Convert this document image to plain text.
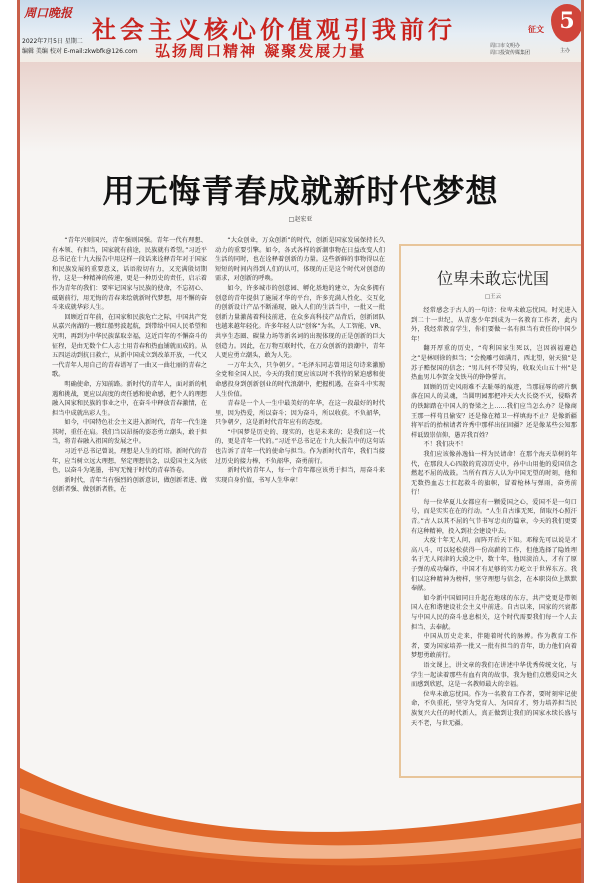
周口晚报
社会主义核心价值观引我前行	征文
弘扬周口精神 凝聚发展力量
2022年7月5日 星期二
编辑 美编 校对 E-mail:zkwbfk@126.com
周口市文明办
周口投资传媒集团	主办
5
用无悔青春成就新时代梦想
□赵宏亚

“青年兴则国兴，青年强则国强。青年一代有理想、有本领、有担当，国家就有前途，民族就有希望。”习近平总书记在十九大报告中用这样一段话来诠释青年对于国家和民族发展的重要意义，话语殷切有力，又充满殷切期待，这是一种精神的传递，更是一种历史的责任，启示着作为青年的我们：要牢记国家与民族的使命，不忘初心、砥砺前行，用无悔的青春来绘就新时代梦想，用不懈的奋斗来成就华彩人生。

回顾近百年前，在国家和民族危亡之际，中国共产党从嘉兴南湖的一艘红船劈波起航，到带给中国人民希望和光明，再到为中华民族谋取幸福，这近百年的不懈奋斗的征程，是由无数个仁人志士用青春和热血铺就而成的。从五四运动到抗日救亡，从新中国成立到改革开放，一代又一代青年人用自己的青春谱写了一曲又一曲壮丽的青春之歌。

明确使命，方知前路。新时代的青年人，面对新的机遇和挑战，更应以高度的责任感和使命感，把个人的理想融入国家和民族的事业之中，在奋斗中释放青春激情，在担当中成就出彩人生。

如今，中国特色社会主义进入新时代，青年一代生逢其时，重任在肩。我们当以昂扬的姿态勇立潮头，敢于担当，将青春融入祖国的发展之中。

习近平总书记曾说，理想是人生的灯塔。新时代的青年，应当树立远大理想，坚定理想信念，以爱国主义为底色，以奋斗为笔墨，书写无愧于时代的青春答卷。

新时代，青年当有强烈的创新意识，做创新者进、做创新者强、做创新者胜，在

“大众创业，万众创新”的时代，创新是国家发展保持长久动力的重要引擎。如今，各式各样的新潮事物在日益改变人们生活的同时，也在诠释着创新的力量。这些新鲜的事物得以在短短的时间内得到人们的认可，体现的正是这个时代对创意的需求，对创新的呼唤。

如今，许多城市的创意园、孵化基地的建立，为众多拥有创意的青年提供了施展才华的平台，许多充满人性化、交互化的创新设计产品不断涌现，融入人们的生活当中，一批又一批创新力量激荡着科技前进，在众多高科技产品背后，创新团队也越来越年轻化。许多年轻人以“创客”为名，人工智能、VR、共享生态圈、碳量力场等新名词的出现体现的正是创新的巨大创造力。因此，在万物互联时代，在万众创新的浪潮中，青年人更应勇立潮头，敢为人先。

一万年太久，只争朝夕。“毛泽东同志曾用这句诗来激励全党和全国人民，今天的我们更应该以时不我待的紧迫感和使命感投身到创新创业的时代浪潮中，把握机遇，在奋斗中实现人生价值。

青春是一个人一生中最美好的年华，在这一段最好的时代里，因为热爱，所以奋斗；因为奋斗，所以收获。不负韶华，只争朝夕，这是新时代青年应有的态度。

“中国梦是历史的、现实的，也是未来的；是我们这一代的，更是青年一代的。”习近平总书记在十九大报告中的这句话也告诉了青年一代的使命与担当。作为新时代青年，我们当接过历史的接力棒，不负韶华，奋勇前行。

新时代的青年人，每一个青年都应该勇于担当，用奋斗来实现自身价值，书写人生华章！

位卑未敢忘忧国
□王云

经常感念于古人的一句诗：位卑未敢忘忧国。时光进入到二十一世纪，从青葱少年到成为一名教育工作者，此内外，我经常教育学生，你们要做一名有担当有责任的中国少年！

翻开厚重的历史，“苟利国家生死以，岂因祸福避趋之”是林则徐的担当；“会挽雕弓如满月，西北望，射天狼”是苏子赡保国的信念；“男儿何不带吴钩，收取关山五十州”是热血男儿李贺金戈铁马的铮铮誓言。

回顾的历史风雨难不去耻辱的痕迹，当那屈辱的碎片飘落在国人的灵魂，当圆明园那把冲天大火长烧不灭，侵略者的铁蹄踏在中国人的脊梁之上……我们应当怎么办？是像商王那一样苟且偷安？还是像在精卫一样填海不止？是像新疆将军后的抬棺请者许秀中那样出征固疆？还是像某些公知那样诋毁崇信仰，愚弄我百姓？

不！我们决不！

我们应该像孙逸仙一样为民请命！在那个海天草树的年代，在那段人心四散的荒凉历史中，孙中山用他的爱国信念燃起不屈的战鼓。当所有西方人认为中国无望的时刻，他和无数热血志士扛起救斗的旗帜，冒着枪林与弹雨，奋勇前行！

每一位华夏儿女都应有一颗爱国之心，爱国不是一句口号，而是实实在在的行动。“人生自古谁无死，留取丹心照汗青。”古人以其不屈的气节书写忠贞的篇章，今天的我们更要有这种精神，投入到社会建设中去。

大疫十年无人问，而阵开后天下知。邓稼先可以说是才高八斗，可以轻松获得一份高薪的工作，但他选择了隐姓埋名于无人问津的大漠之中，数十年，他因淡泊人，才有了原子弹的成功爆炸，中国才有足够的实力屹立于世界东方。我们以这种精神为榜样，坚守理想与信念，在本职岗位上默默奉献。

如今新中国如同日升起在地球的东方，共产党更是带领国人在和谐建设社会主义中前进。自古以来，国家的兴衰都与中国人民的奋斗息息相关，这个时代需要我们每一个人去担当、去奉献。

中国从历史走来，伴随着时代的脉搏。作为教育工作者，要为国家培养一批又一批有担当的青年，助力他们向着梦想勇敢前行。

语文课上，讲文章的我们在讲述中华优秀传统文化，与学生一起读着那些有血有肉的故事，我为他们点燃爱国之火而感到欣慰，这是一名教师最大的幸福。

位卑未敢忘忧国。作为一名教育工作者，要时刻牢记使命，不负重托，坚守为党育人、为国育才，努力培养担当民族复兴大任的时代新人，真正做到让我们的国家永续长盛与天不老，与世无疆。
